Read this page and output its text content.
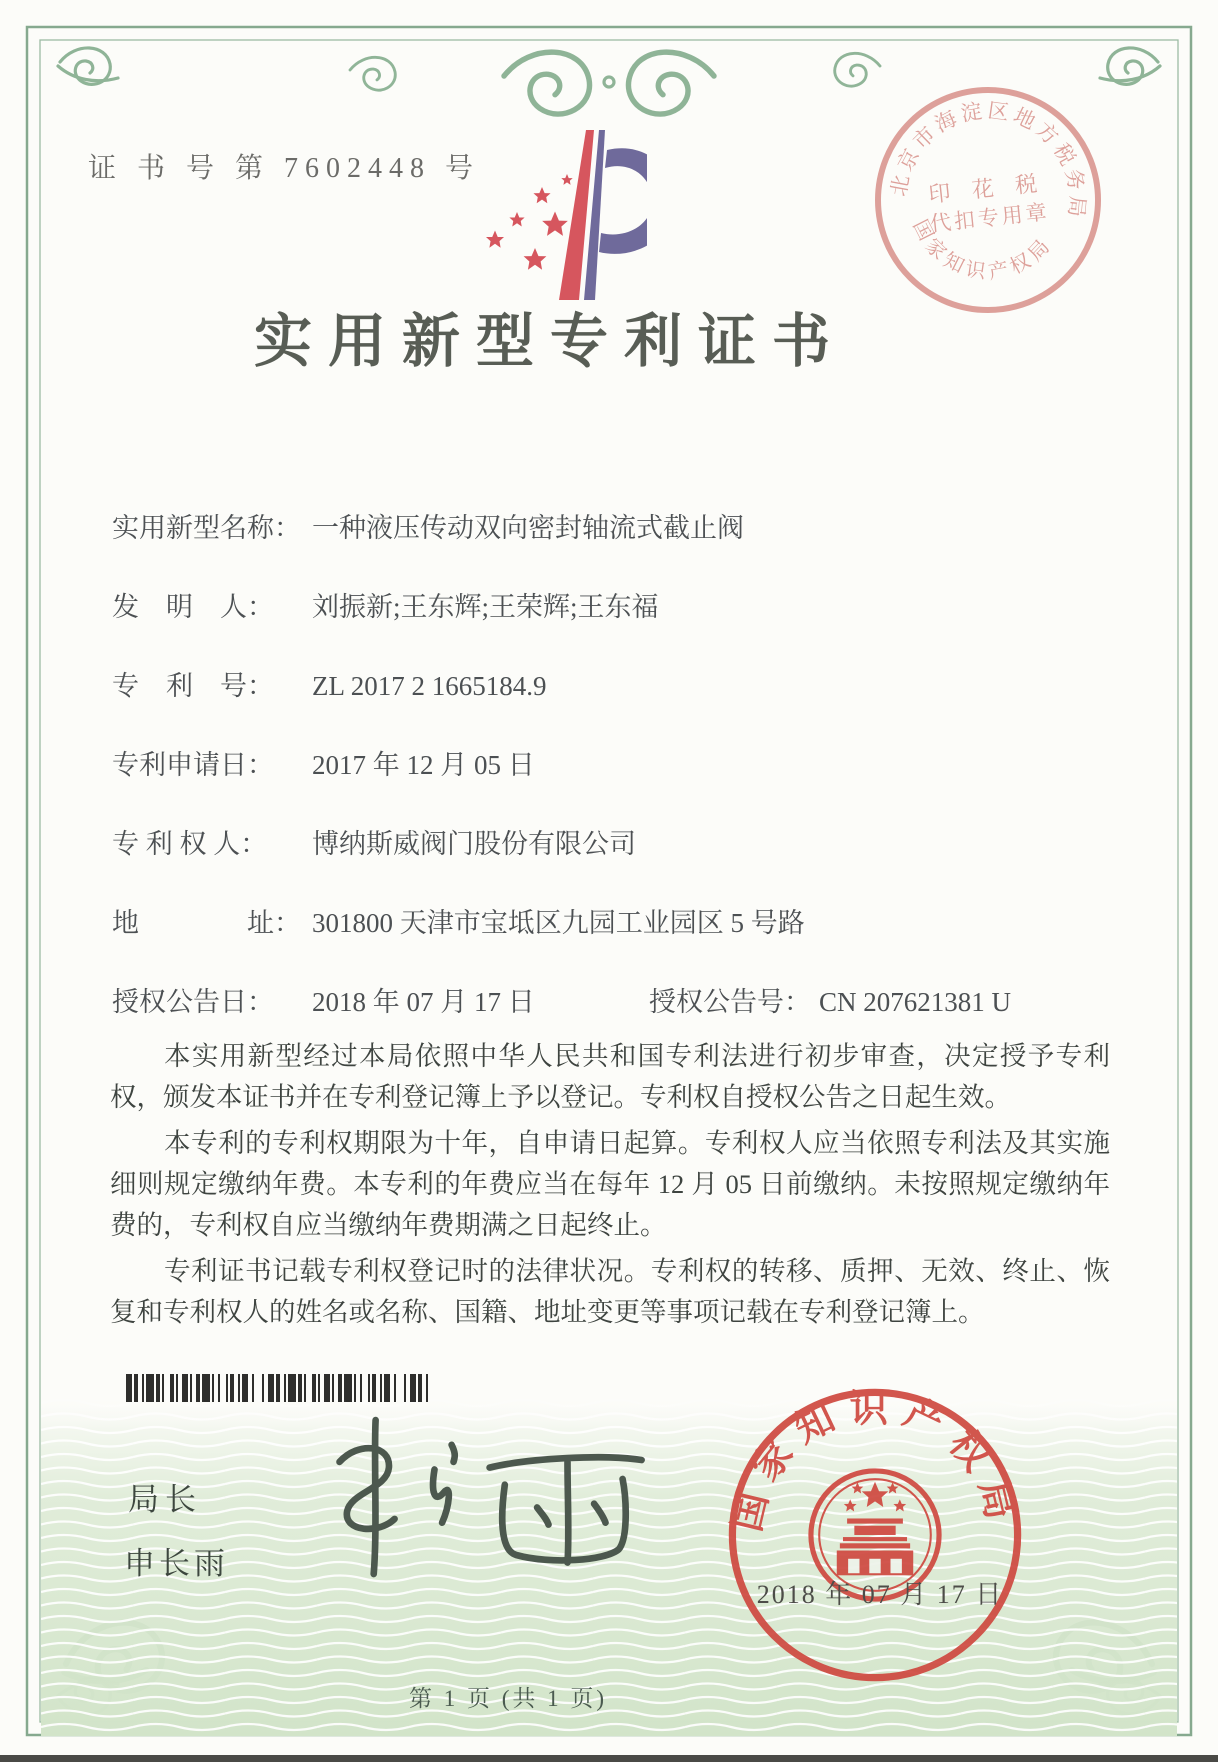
证 书 号 第 7602448 号
实用新型专利证书
北京市海淀区地方税务局
国家知识产权局
印 花 税
代扣专用章
实用新型名称： 一种液压传动双向密封轴流式截止阀
发　明　人： 刘振新;王东辉;王荣辉;王东福
专　利　号： ZL 2017 2 1665184.9
专利申请日： 2017 年 12 月 05 日
专 利 权 人： 博纳斯威阀门股份有限公司
地　　　　址： 301800 天津市宝坻区九园工业园区 5 号路
授权公告日： 2018 年 07 月 17 日	授权公告号： CN 207621381 U

本实用新型经过本局依照中华人民共和国专利法进行初步审查，决定授予专利权，颁发本证书并在专利登记簿上予以登记。专利权自授权公告之日起生效。

本专利的专利权期限为十年，自申请日起算。专利权人应当依照专利法及其实施细则规定缴纳年费。本专利的年费应当在每年 12 月 05 日前缴纳。未按照规定缴纳年费的，专利权自应当缴纳年费期满之日起终止。

专利证书记载专利权登记时的法律状况。专利权的转移、质押、无效、终止、恢复和专利权人的姓名或名称、国籍、地址变更等事项记载在专利登记簿上。

局长
申长雨
国家知识产权局
2018 年 07 月 17 日
第 1 页 (共 1 页)
